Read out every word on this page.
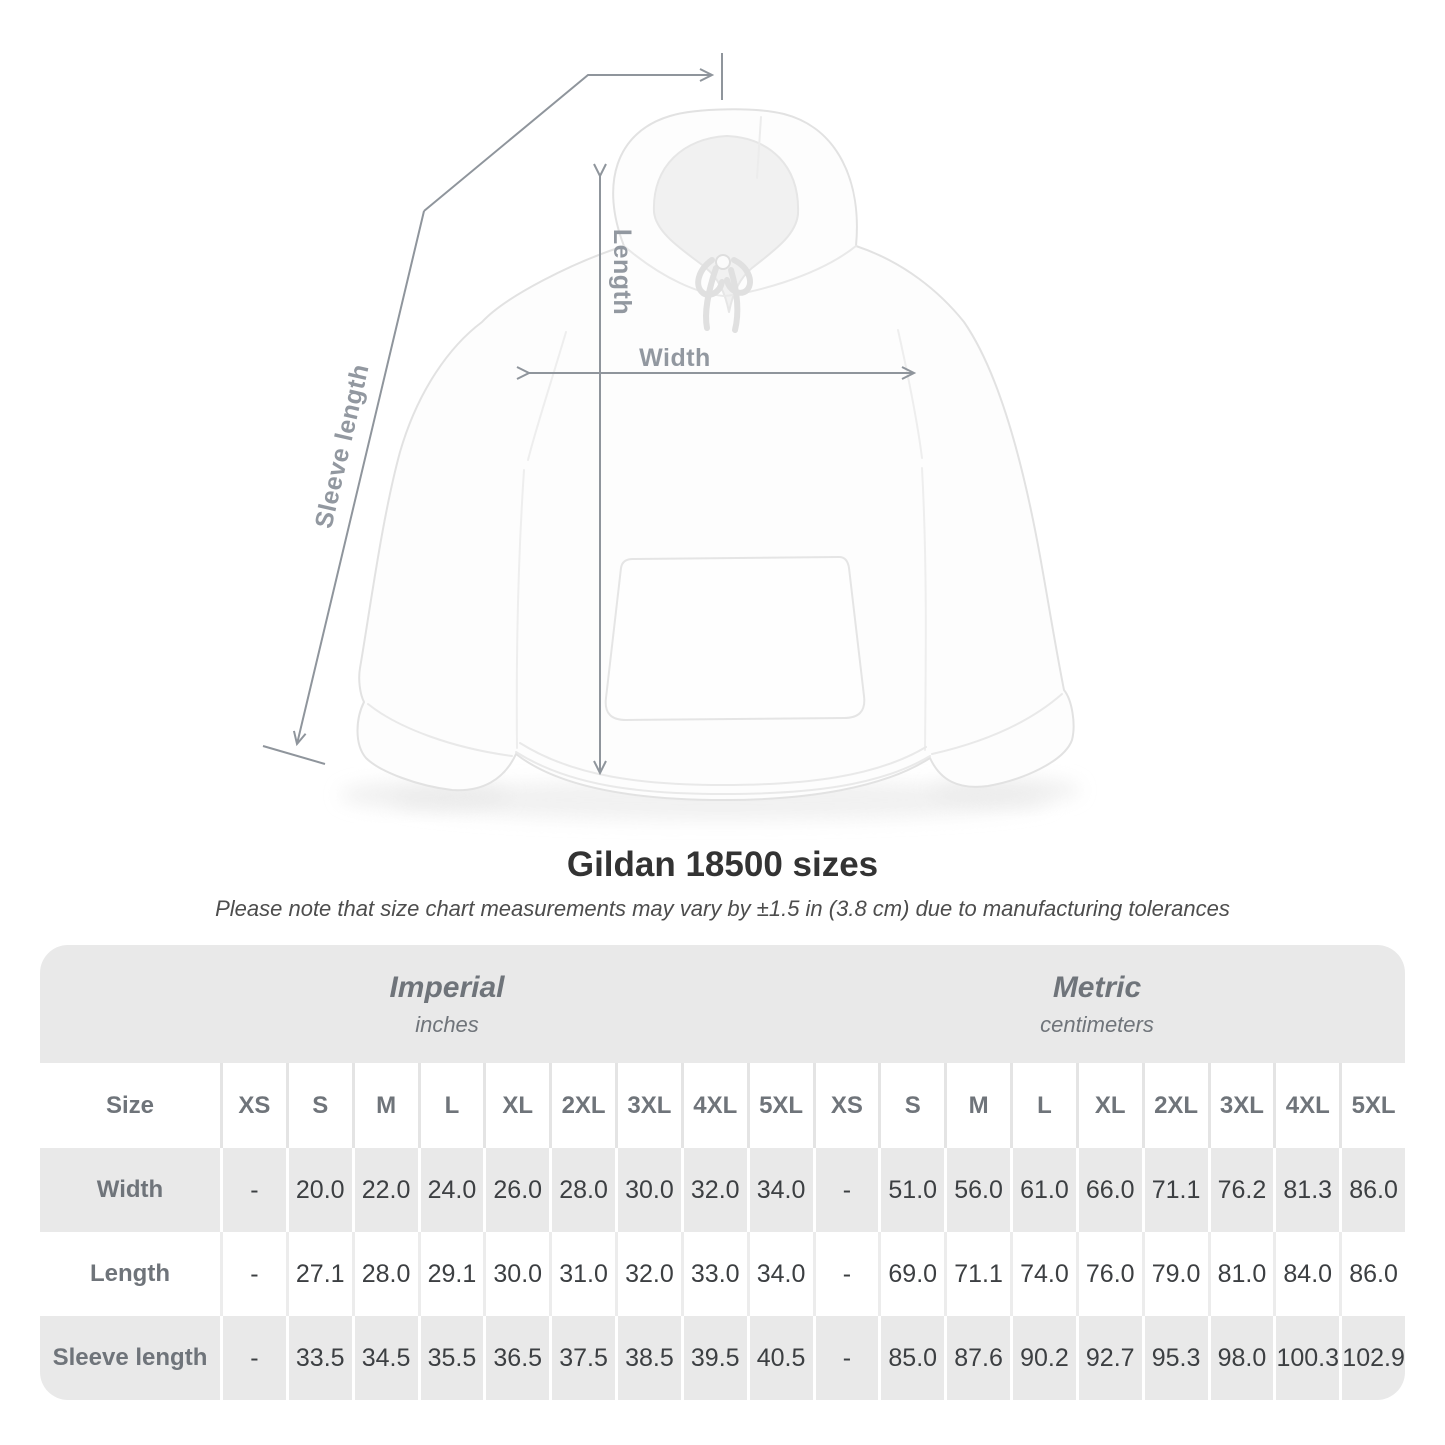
Sleeve length
Length
Width
Gildan 18500 sizes
Please note that size chart measurements may vary by ±1.5 in (3.8 cm) due to manufacturing tolerances
Imperial
inches
Metric
centimeters
Size	XS	S	M	L	XL	2XL 3XL 4XL 5XL	XS	S	M	L	XL	2XL 3XL 4XL 5XL
Width	-	20.0 22.0 24.0 26.0 28.0 30.0 32.0 34.0	-	51.0 56.0 61.0 66.0 71.1 76.2 81.3 86.0
Length	-	27.1 28.0 29.1 30.0 31.0 32.0 33.0 34.0	-	69.0 71.1 74.0 76.0 79.0 81.0 84.0 86.0
Sleeve length	-	33.5 34.5 35.5 36.5 37.5 38.5 39.5 40.5	-	85.0 87.6 90.2 92.7 95.3 98.0 100.3 102.9
